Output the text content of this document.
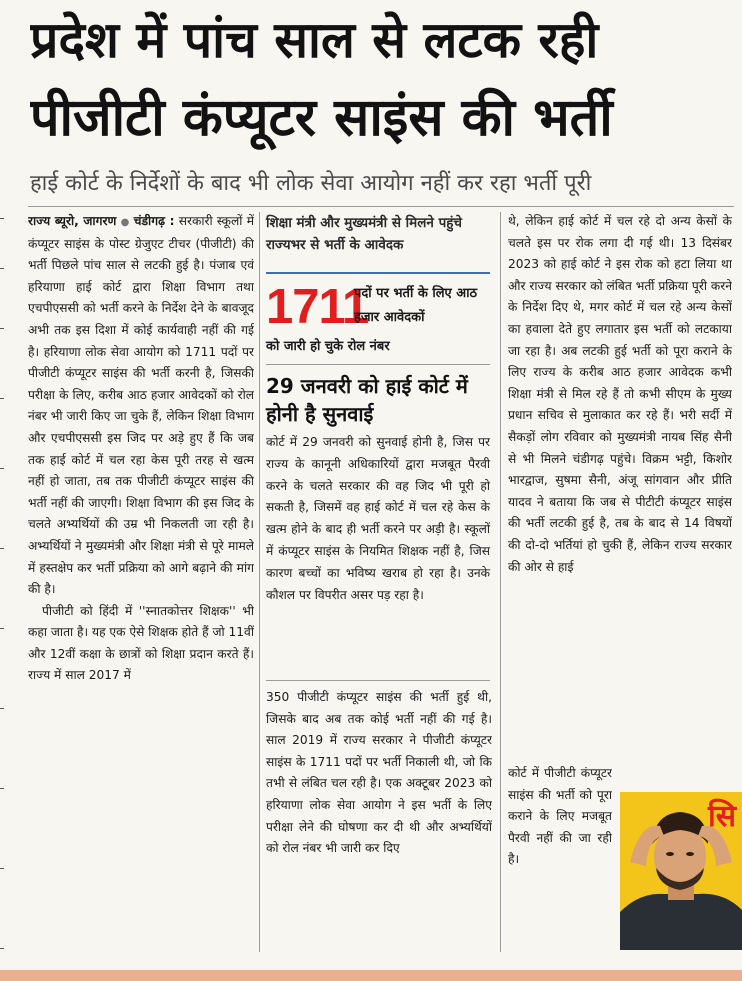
प्रदेश में पांच साल से लटक रही
पीजीटी कंप्यूटर साइंस की भर्ती
हाई कोर्ट के निर्देशों के बाद भी लोक सेवा आयोग नहीं कर रहा भर्ती पूरी

राज्य ब्यूरो, जागरण ● चंडीगढ़ : सरकारी स्कूलों में कंप्यूटर साइंस के पोस्ट ग्रेजुएट टीचर (पीजीटी) की भर्ती पिछले पांच साल से लटकी हुई है। पंजाब एवं हरियाणा हाई कोर्ट द्वारा शिक्षा विभाग तथा एचपीएससी को भर्ती करने के निर्देश देने के बावजूद अभी तक इस दिशा में कोई कार्यवाही नहीं की गई है। हरियाणा लोक सेवा आयोग को 1711 पदों पर पीजीटी कंप्यूटर साइंस की भर्ती करनी है, जिसकी परीक्षा के लिए, करीब आठ हजार आवेदकों को रोल नंबर भी जारी किए जा चुके हैं, लेकिन शिक्षा विभाग और एचपीएससी इस जिद पर अड़े हुए हैं कि जब तक हाई कोर्ट में चल रहा केस पूरी तरह से खत्म नहीं हो जाता, तब तक पीजीटी कंप्यूटर साइंस की भर्ती नहीं की जाएगी। शिक्षा विभाग की इस जिद के चलते अभ्यर्थियों की उम्र भी निकलती जा रही है। अभ्यर्थियों ने मुख्यमंत्री और शिक्षा मंत्री से पूरे मामले में हस्तक्षेप कर भर्ती प्रक्रिया को आगे बढ़ाने की मांग की है।

पीजीटी को हिंदी में ''स्नातकोत्तर शिक्षक'' भी कहा जाता है। यह एक ऐसे शिक्षक होते हैं जो 11वीं और 12वीं कक्षा के छात्रों को शिक्षा प्रदान करते हैं। राज्य में साल 2017 में

शिक्षा मंत्री और मुख्यमंत्री से मिलने पहुंचे राज्यभर से भर्ती के आवेदक
1711
पदों पर भर्ती के लिए आठ हजार आवेदकों
को जारी हो चुके रोल नंबर
29 जनवरी को हाई कोर्ट में होनी है सुनवाई
कोर्ट में 29 जनवरी को सुनवाई होनी है, जिस पर राज्य के कानूनी अधिकारियों द्वारा मजबूत पैरवी करने के चलते सरकार की वह जिद भी पूरी हो सकती है, जिसमें वह हाई कोर्ट में चल रहे केस के खत्म होने के बाद ही भर्ती करने पर अड़ी है। स्कूलों में कंप्यूटर साइंस के नियमित शिक्षक नहीं है, जिस कारण बच्चों का भविष्य खराब हो रहा है। उनके कौशल पर विपरीत असर पड़ रहा है।

350 पीजीटी कंप्यूटर साइंस की भर्ती हुई थी, जिसके बाद अब तक कोई भर्ती नहीं की गई है। साल 2019 में राज्य सरकार ने पीजीटी कंप्यूटर साइंस के 1711 पदों पर भर्ती निकाली थी, जो कि तभी से लंबित चल रही है। एक अक्टूबर 2023 को हरियाणा लोक सेवा आयोग ने इस भर्ती के लिए परीक्षा लेने की घोषणा कर दी थी और अभ्यर्थियों को रोल नंबर भी जारी कर दिए

थे, लेकिन हाई कोर्ट में चल रहे दो अन्य केसों के चलते इस पर रोक लगा दी गई थी। 13 दिसंबर 2023 को हाई कोर्ट ने इस रोक को हटा लिया था और राज्य सरकार को लंबित भर्ती प्रक्रिया पूरी करने के निर्देश दिए थे, मगर कोर्ट में चल रहे अन्य केसों का हवाला देते हुए लगातार इस भर्ती को लटकाया जा रहा है। अब लटकी हुई भर्ती को पूरा कराने के लिए राज्य के करीब आठ हजार आवेदक कभी शिक्षा मंत्री से मिल रहे हैं तो कभी सीएम के मुख्य प्रधान सचिव से मुलाकात कर रहे हैं। भरी सर्दी में सैकड़ों लोग रविवार को मुख्यमंत्री नायब सिंह सैनी से भी मिलने चंडीगढ़ पहुंचे। विक्रम भट्टी, किशोर भारद्वाज, सुषमा सैनी, अंजू सांगवान और प्रीति यादव ने बताया कि जब से पीटीटी कंप्यूटर साइंस की भर्ती लटकी हुई है, तब के बाद से 14 विषयों की दो-दो भर्तियां हो चुकी हैं, लेकिन राज्य सरकार की ओर से हाई

कोर्ट में पीजीटी कंप्यूटर साइंस की भर्ती को पूरा कराने के लिए मजबूत पैरवी नहीं की जा रही है।

सि
